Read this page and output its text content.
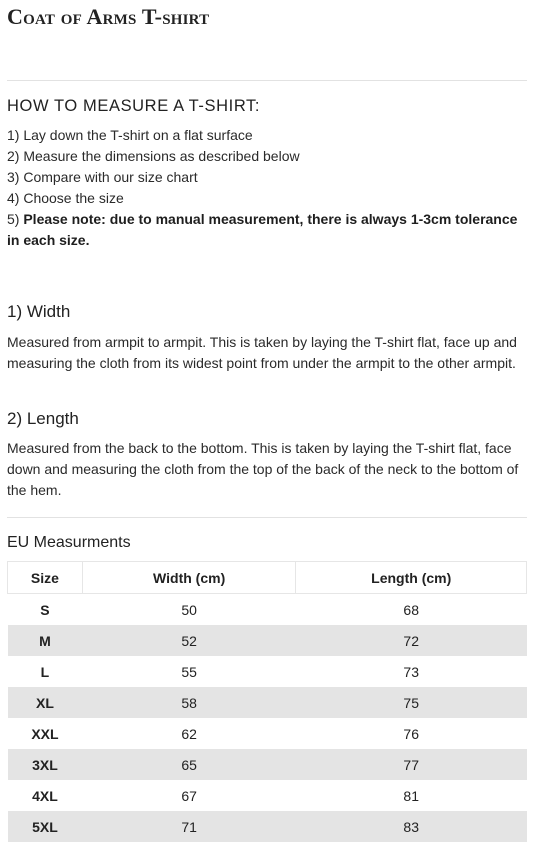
Coat of Arms T-shirt
HOW TO MEASURE A T-SHIRT:
1) Lay down the T-shirt on a flat surface
2) Measure the dimensions as described below
3) Compare with our size chart
4) Choose the size
5) Please note: due to manual measurement, there is always 1-3cm tolerance in each size.
1) Width

Measured from armpit to armpit. This is taken by laying the T-shirt flat, face up and measuring the cloth from its widest point from under the armpit to the other armpit.

2) Length

Measured from the back to the bottom. This is taken by laying the T-shirt flat, face down and measuring the cloth from the top of the back of the neck to the bottom of the hem.

EU Measurments
Size	Width (cm)	Length (cm)
S	50	68
M	52	72
L	55	73
XL	58	75
XXL	62	76
3XL	65	77
4XL	67	81
5XL	71	83
